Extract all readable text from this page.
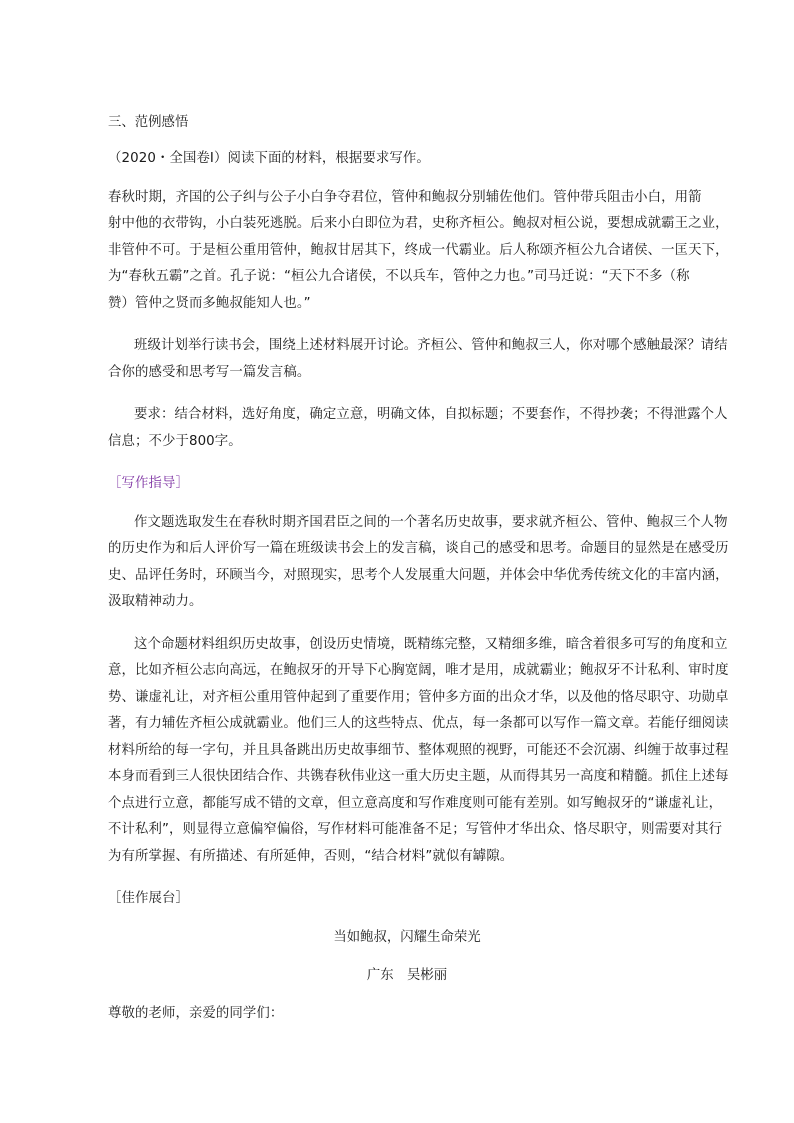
三、范例感悟
（2020・全国卷Ⅰ）阅读下面的材料，根据要求写作。
春秋时期，齐国的公子纠与公子小白争夺君位，管仲和鲍叔分别辅佐他们。管仲带兵阻击小白，用箭
射中他的衣带钩，小白装死逃脱。后来小白即位为君，史称齐桓公。鲍叔对桓公说，要想成就霸王之业，
非管仲不可。于是桓公重用管仲，鲍叔甘居其下，终成一代霸业。后人称颂齐桓公九合诸侯、一匡天下，
为“春秋五霸”之首。孔子说：“桓公九合诸侯，不以兵车，管仲之力也。”司马迁说：“天下不多（称
赞）管仲之贤而多鲍叔能知人也。”
班级计划举行读书会，围绕上述材料展开讨论。齐桓公、管仲和鲍叔三人，你对哪个感触最深？请结
合你的感受和思考写一篇发言稿。
要求：结合材料，选好角度，确定立意，明确文体，自拟标题；不要套作，不得抄袭；不得泄露个人
信息；不少于800字。
［写作指导］
作文题选取发生在春秋时期齐国君臣之间的一个著名历史故事，要求就齐桓公、管仲、鲍叔三个人物
的历史作为和后人评价写一篇在班级读书会上的发言稿，谈自己的感受和思考。命题目的显然是在感受历
史、品评任务时，环顾当今，对照现实，思考个人发展重大问题，并体会中华优秀传统文化的丰富内涵，
汲取精神动力。
这个命题材料组织历史故事，创设历史情境，既精练完整，又精细多维，暗含着很多可写的角度和立
意，比如齐桓公志向高远，在鲍叔牙的开导下心胸宽阔，唯才是用，成就霸业；鲍叔牙不计私利、审时度
势、谦虚礼让，对齐桓公重用管仲起到了重要作用；管仲多方面的出众才华，以及他的恪尽职守、功勋卓
著，有力辅佐齐桓公成就霸业。他们三人的这些特点、优点，每一条都可以写作一篇文章。若能仔细阅读
材料所给的每一字句，并且具备跳出历史故事细节、整体观照的视野，可能还不会沉溺、纠缠于故事过程
本身而看到三人很快团结合作、共镌春秋伟业这一重大历史主题，从而得其另一高度和精髓。抓住上述每
个点进行立意，都能写成不错的文章，但立意高度和写作难度则可能有差别。如写鲍叔牙的“谦虚礼让，
不计私利”，则显得立意偏窄偏俗，写作材料可能准备不足；写管仲才华出众、恪尽职守，则需要对其行
为有所掌握、有所描述、有所延伸，否则，“结合材料”就似有罅隙。
［佳作展台］
当如鲍叔，闪耀生命荣光
广东　吴彬丽
尊敬的老师，亲爱的同学们：
